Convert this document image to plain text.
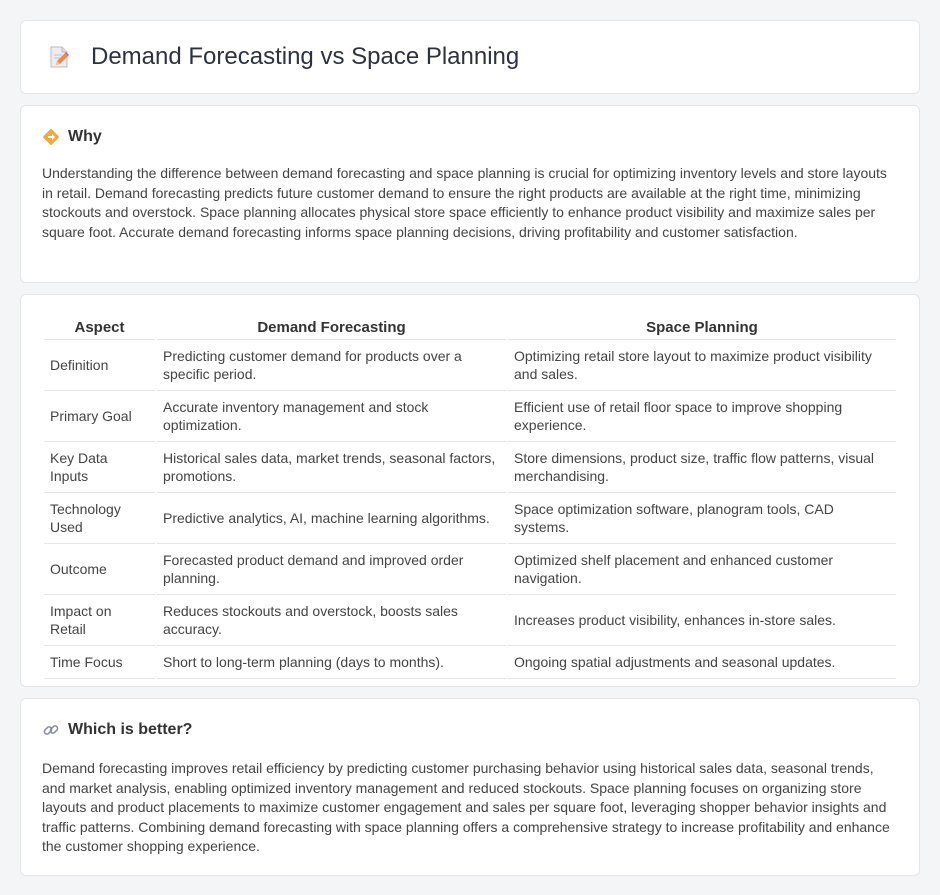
Demand Forecasting vs Space Planning
Why

Understanding the difference between demand forecasting and space planning is crucial for optimizing inventory levels and store layouts in retail. Demand forecasting predicts future customer demand to ensure the right products are available at the right time, minimizing stockouts and overstock. Space planning allocates physical store space efficiently to enhance product visibility and maximize sales per square foot. Accurate demand forecasting informs space planning decisions, driving profitability and customer satisfaction.

Aspect	Demand Forecasting	Space Planning
Definition	Predicting customer demand for products over a specific period.	Optimizing retail store layout to maximize product visibility and sales.
Primary Goal	Accurate inventory management and stock optimization.	Efficient use of retail floor space to improve shopping experience.
Key Data Inputs	Historical sales data, market trends, seasonal factors, promotions.	Store dimensions, product size, traffic flow patterns, visual merchandising.
Technology Used	Predictive analytics, AI, machine learning algorithms.	Space optimization software, planogram tools, CAD systems.
Outcome	Forecasted product demand and improved order planning.	Optimized shelf placement and enhanced customer navigation.
Impact on Retail	Reduces stockouts and overstock, boosts sales accuracy.	Increases product visibility, enhances in-store sales.
Time Focus	Short to long-term planning (days to months).	Ongoing spatial adjustments and seasonal updates.
Which is better?

Demand forecasting improves retail efficiency by predicting customer purchasing behavior using historical sales data, seasonal trends, and market analysis, enabling optimized inventory management and reduced stockouts. Space planning focuses on organizing store layouts and product placements to maximize customer engagement and sales per square foot, leveraging shopper behavior insights and traffic patterns. Combining demand forecasting with space planning offers a comprehensive strategy to increase profitability and enhance the customer shopping experience.
